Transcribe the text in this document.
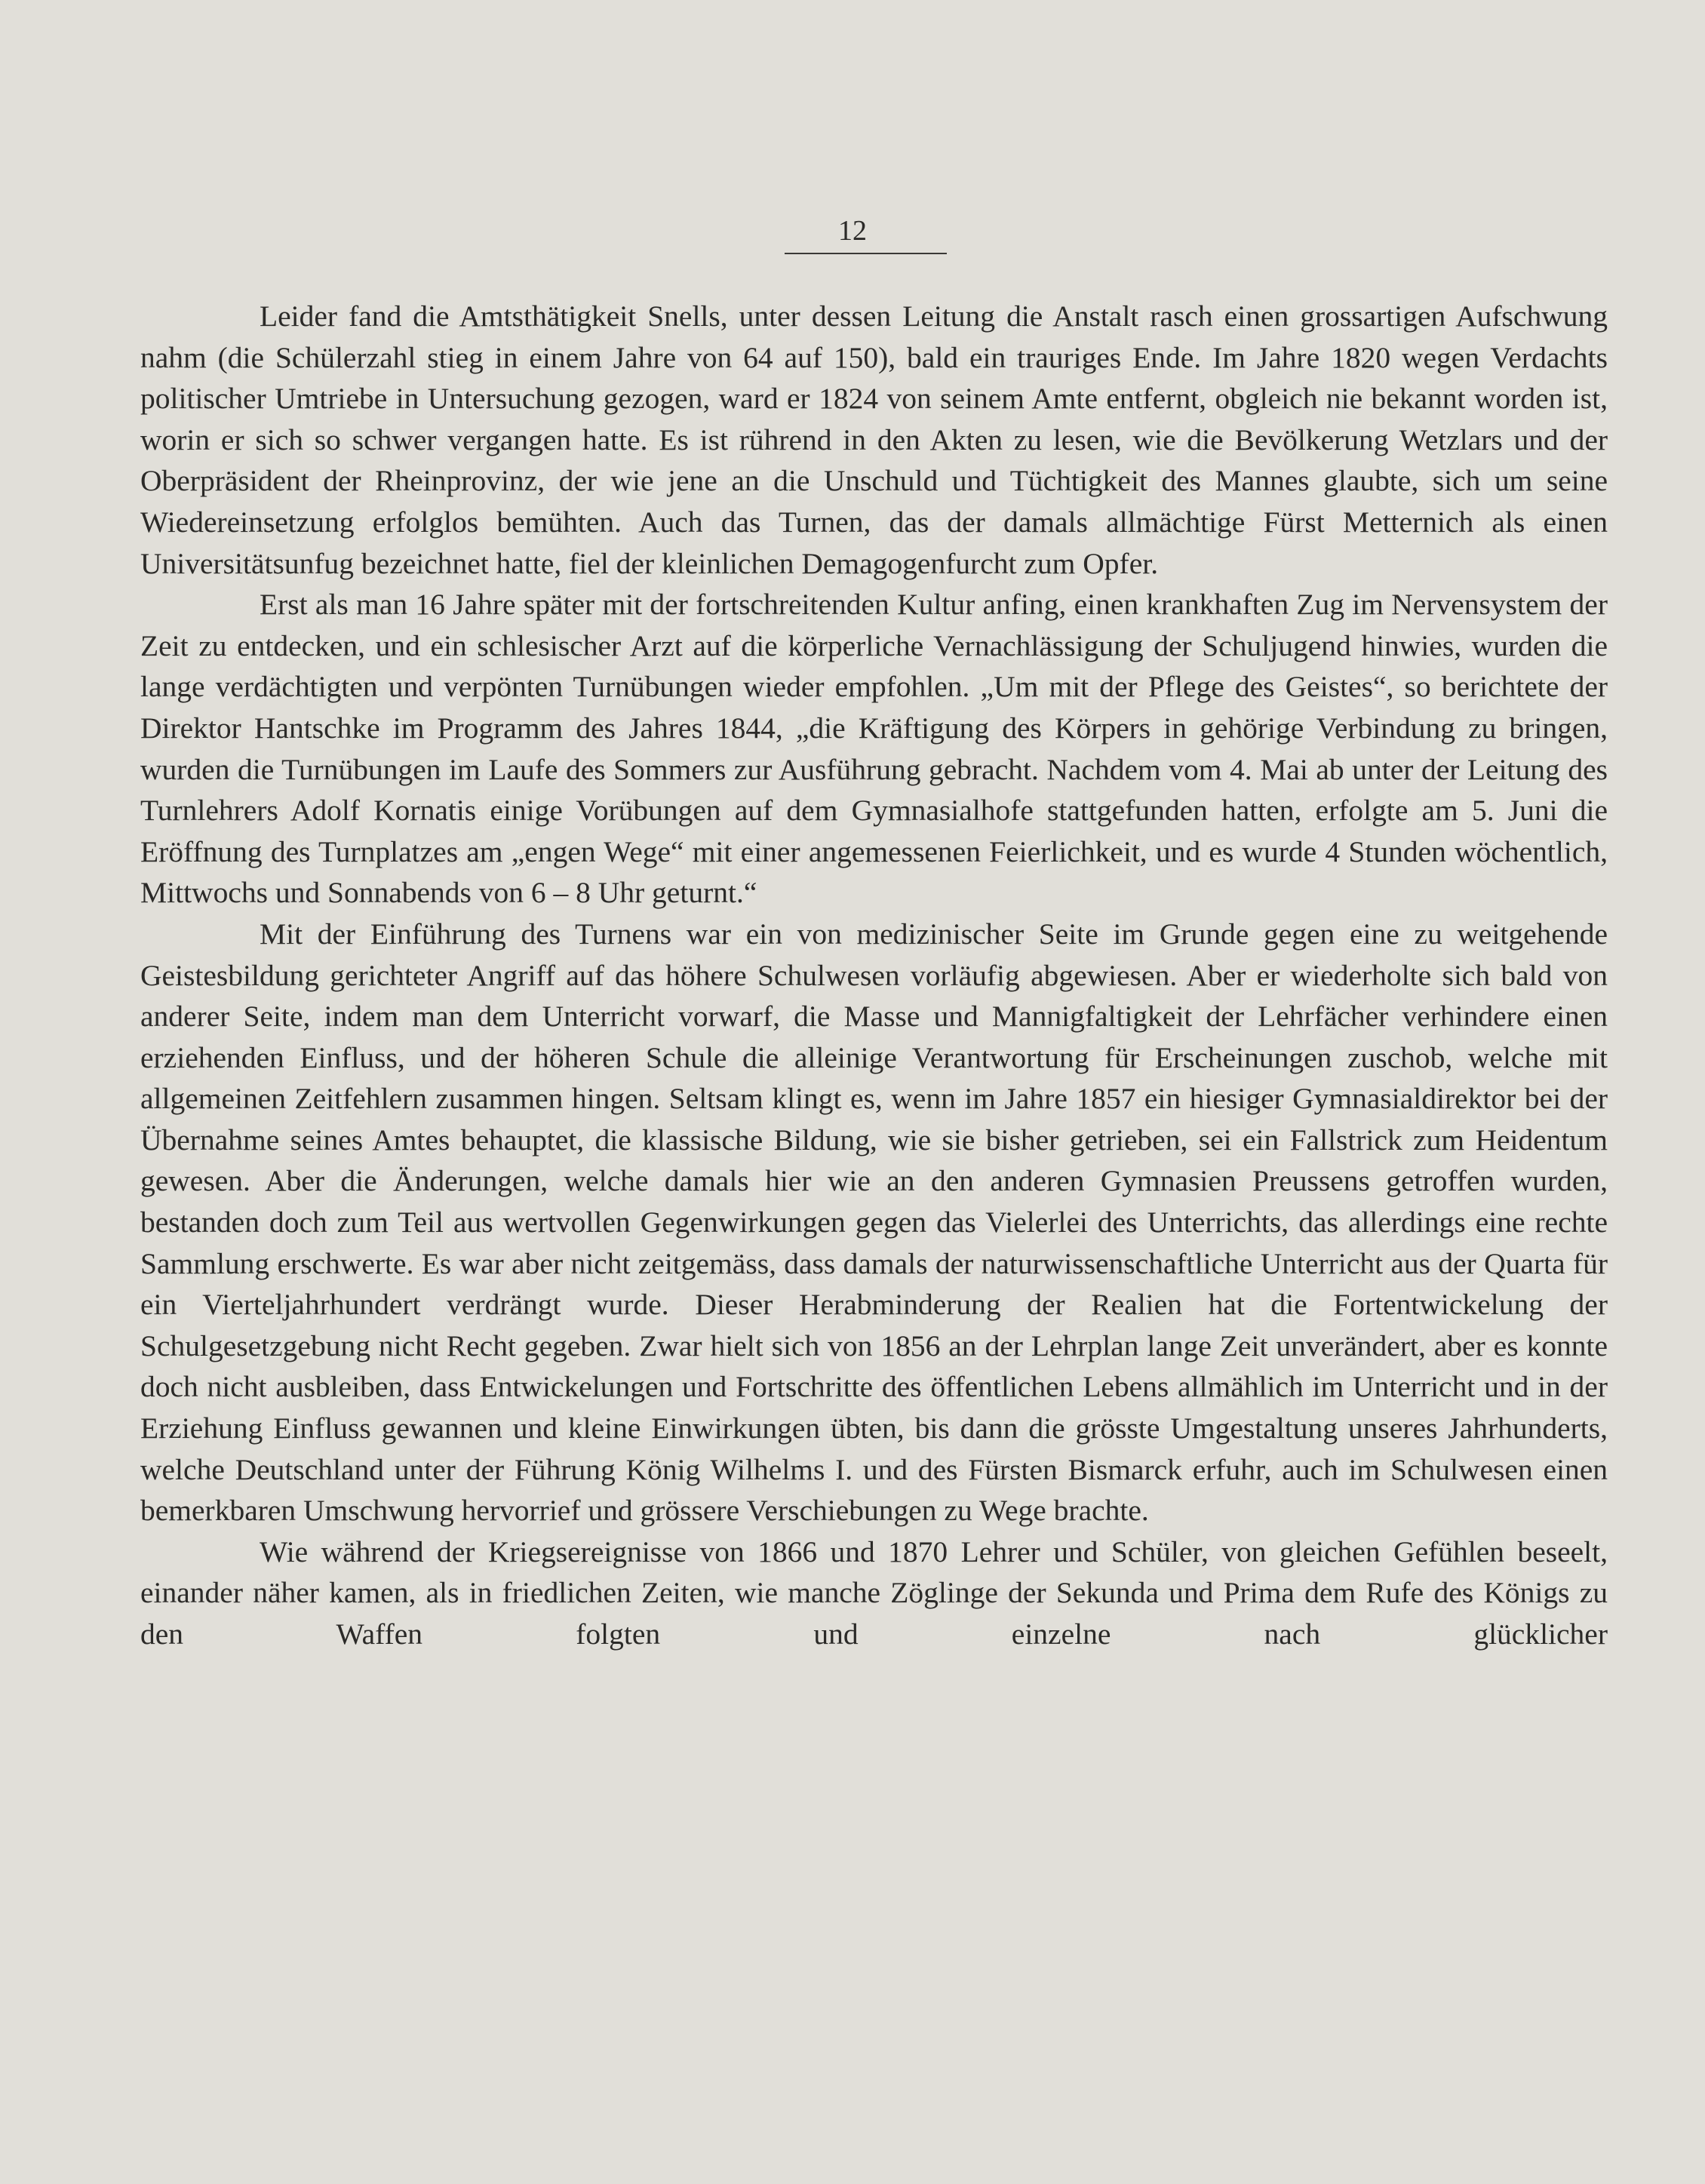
12

Leider fand die Amtsthätigkeit Snells, unter dessen Leitung die Anstalt rasch einen grossartigen Aufschwung nahm (die Schülerzahl stieg in einem Jahre von 64 auf 150), bald ein trauriges Ende. Im Jahre 1820 wegen Verdachts politischer Umtriebe in Untersuchung gezogen, ward er 1824 von seinem Amte entfernt, obgleich nie bekannt worden ist, worin er sich so schwer vergangen hatte. Es ist rührend in den Akten zu lesen, wie die Bevölkerung Wetzlars und der Oberpräsident der Rheinprovinz, der wie jene an die Unschuld und Tüchtigkeit des Mannes glaubte, sich um seine Wiedereinsetzung erfolglos bemühten. Auch das Turnen, das der damals allmächtige Fürst Metternich als einen Universitätsunfug bezeichnet hatte, fiel der kleinlichen Demagogenfurcht zum Opfer.

Erst als man 16 Jahre später mit der fortschreitenden Kultur anfing, einen krankhaften Zug im Nervensystem der Zeit zu entdecken, und ein schlesischer Arzt auf die körperliche Vernachlässigung der Schuljugend hinwies, wurden die lange verdächtigten und verpönten Turnübungen wieder empfohlen. „Um mit der Pflege des Geistes“, so berichtete der Direktor Hantschke im Programm des Jahres 1844, „die Kräftigung des Körpers in gehörige Verbindung zu bringen, wurden die Turnübungen im Laufe des Sommers zur Ausführung gebracht. Nachdem vom 4. Mai ab unter der Leitung des Turnlehrers Adolf Kornatis einige Vorübungen auf dem Gymnasialhofe stattgefunden hatten, erfolgte am 5. Juni die Eröffnung des Turnplatzes am „engen Wege“ mit einer angemessenen Feierlichkeit, und es wurde 4 Stunden wöchentlich, Mittwochs und Sonnabends von 6 – 8 Uhr geturnt.“

Mit der Einführung des Turnens war ein von medizinischer Seite im Grunde gegen eine zu weitgehende Geistesbildung gerichteter Angriff auf das höhere Schulwesen vorläufig abgewiesen. Aber er wiederholte sich bald von anderer Seite, indem man dem Unterricht vorwarf, die Masse und Mannigfaltigkeit der Lehrfächer verhindere einen erziehenden Einfluss, und der höheren Schule die alleinige Verantwortung für Erscheinungen zuschob, welche mit allgemeinen Zeitfehlern zusammen hingen. Seltsam klingt es, wenn im Jahre 1857 ein hiesiger Gymnasialdirektor bei der Übernahme seines Amtes behauptet, die klassische Bildung, wie sie bisher getrieben, sei ein Fallstrick zum Heidentum gewesen. Aber die Änderungen, welche damals hier wie an den anderen Gymnasien Preussens getroffen wurden, bestanden doch zum Teil aus wertvollen Gegenwirkungen gegen das Vielerlei des Unterrichts, das allerdings eine rechte Sammlung erschwerte. Es war aber nicht zeitgemäss, dass damals der naturwissenschaftliche Unterricht aus der Quarta für ein Vierteljahrhundert verdrängt wurde. Dieser Herabminderung der Realien hat die Fortentwickelung der Schulgesetzgebung nicht Recht gegeben. Zwar hielt sich von 1856 an der Lehrplan lange Zeit unverändert, aber es konnte doch nicht ausbleiben, dass Entwickelungen und Fortschritte des öffentlichen Lebens allmählich im Unterricht und in der Erziehung Einfluss gewannen und kleine Einwirkungen übten, bis dann die grösste Umgestaltung unseres Jahrhunderts, welche Deutschland unter der Führung König Wilhelms I. und des Fürsten Bismarck erfuhr, auch im Schulwesen einen bemerkbaren Umschwung hervorrief und grössere Verschiebungen zu Wege brachte.

Wie während der Kriegsereignisse von 1866 und 1870 Lehrer und Schüler, von gleichen Gefühlen beseelt, einander näher kamen, als in friedlichen Zeiten, wie manche Zöglinge der Sekunda und Prima dem Rufe des Königs zu den Waffen folgten und einzelne nach glücklicher
